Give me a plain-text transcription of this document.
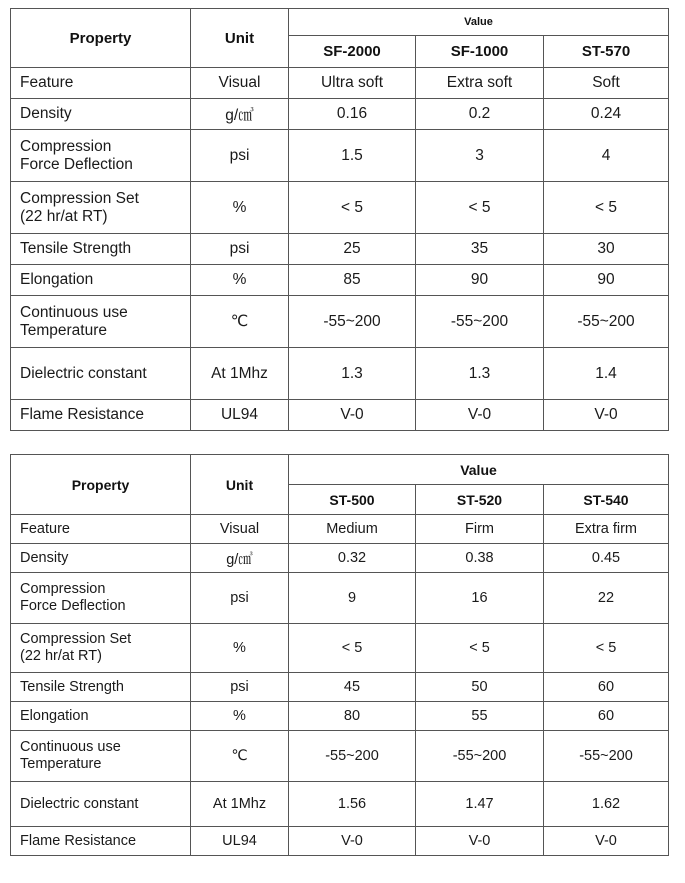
Property	Unit	Value		
		SF-2000	SF-1000	ST-570
Feature	Visual	Ultra soft	Extra soft	Soft
Density	g/㎤	0.16	0.2	0.24
Compression
Force Deflection	psi	1.5	3	4
Compression Set
(22 hr/at RT)	%	< 5	< 5	< 5
Tensile Strength	psi	25	35	30
Elongation	%	85	90	90
Continuous use
Temperature	℃	-55~200	-55~200	-55~200
Dielectric constant	At 1Mhz	1.3	1.3	1.4
Flame Resistance	UL94	V-0	V-0	V-0
Property	Unit	Value		
		ST-500	ST-520	ST-540
Feature	Visual	Medium	Firm	Extra firm
Density	g/㎤	0.32	0.38	0.45
Compression
Force Deflection	psi	9	16	22
Compression Set
(22 hr/at RT)	%	< 5	< 5	< 5
Tensile Strength	psi	45	50	60
Elongation	%	80	55	60
Continuous use
Temperature	℃	-55~200	-55~200	-55~200
Dielectric constant	At 1Mhz	1.56	1.47	1.62
Flame Resistance	UL94	V-0	V-0	V-0
